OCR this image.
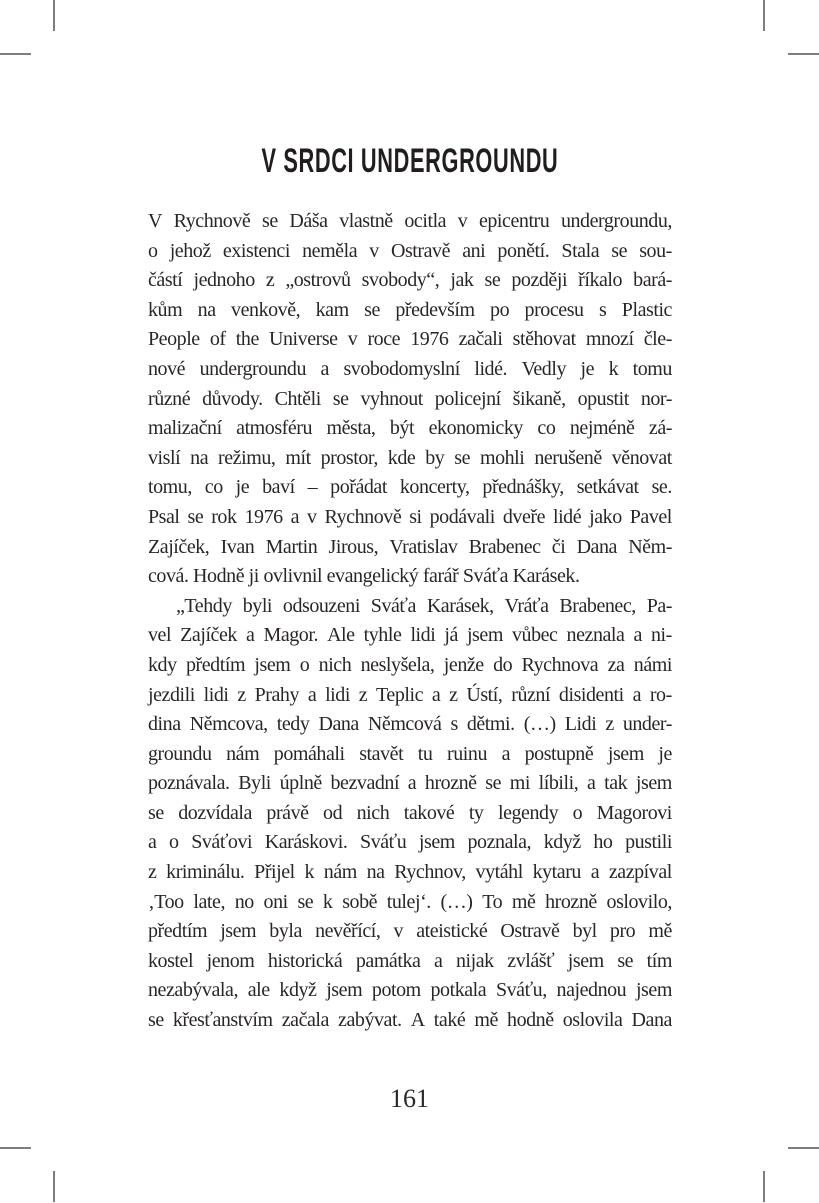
V SRDCI UNDERGROUNDU
V Rychnově se Dáša vlastně ocitla v epicentru undergroundu,
o jehož existenci neměla v Ostravě ani ponětí. Stala se sou-
částí jednoho z „ostrovů svobody“, jak se později říkalo bará-
kům na venkově, kam se především po procesu s Plastic
People of the Universe v roce 1976 začali stěhovat mnozí čle-
nové undergroundu a svobodomyslní lidé. Vedly je k tomu
různé důvody. Chtěli se vyhnout policejní šikaně, opustit nor-
malizační atmosféru města, být ekonomicky co nejméně zá-
vislí na režimu, mít prostor, kde by se mohli nerušeně věnovat
tomu, co je baví – pořádat koncerty, přednášky, setkávat se.
Psal se rok 1976 a v Rychnově si podávali dveře lidé jako Pavel
Zajíček, Ivan Martin Jirous, Vratislav Brabenec či Dana Něm-
cová. Hodně ji ovlivnil evangelický farář Sváťa Karásek.
„Tehdy byli odsouzeni Sváťa Karásek, Vráťa Brabenec, Pa-
vel Zajíček a Magor. Ale tyhle lidi já jsem vůbec neznala a ni-
kdy předtím jsem o nich neslyšela, jenže do Rychnova za námi
jezdili lidi z Prahy a lidi z Teplic a z Ústí, různí disidenti a ro-
dina Němcova, tedy Dana Němcová s dětmi. (…) Lidi z under-
groundu nám pomáhali stavět tu ruinu a postupně jsem je
poznávala. Byli úplně bezvadní a hrozně se mi líbili, a tak jsem
se dozvídala právě od nich takové ty legendy o Magorovi
a o Sváťovi Karáskovi. Sváťu jsem poznala, když ho pustili
z kriminálu. Přijel k nám na Rychnov, vytáhl kytaru a zazpíval
‚Too late, no oni se k sobě tulej‘. (…) To mě hrozně oslovilo,
předtím jsem byla nevěřící, v ateistické Ostravě byl pro mě
kostel jenom historická památka a nijak zvlášť jsem se tím
nezabývala, ale když jsem potom potkala Sváťu, najednou jsem
se křesťanstvím začala zabývat. A také mě hodně oslovila Dana
161
